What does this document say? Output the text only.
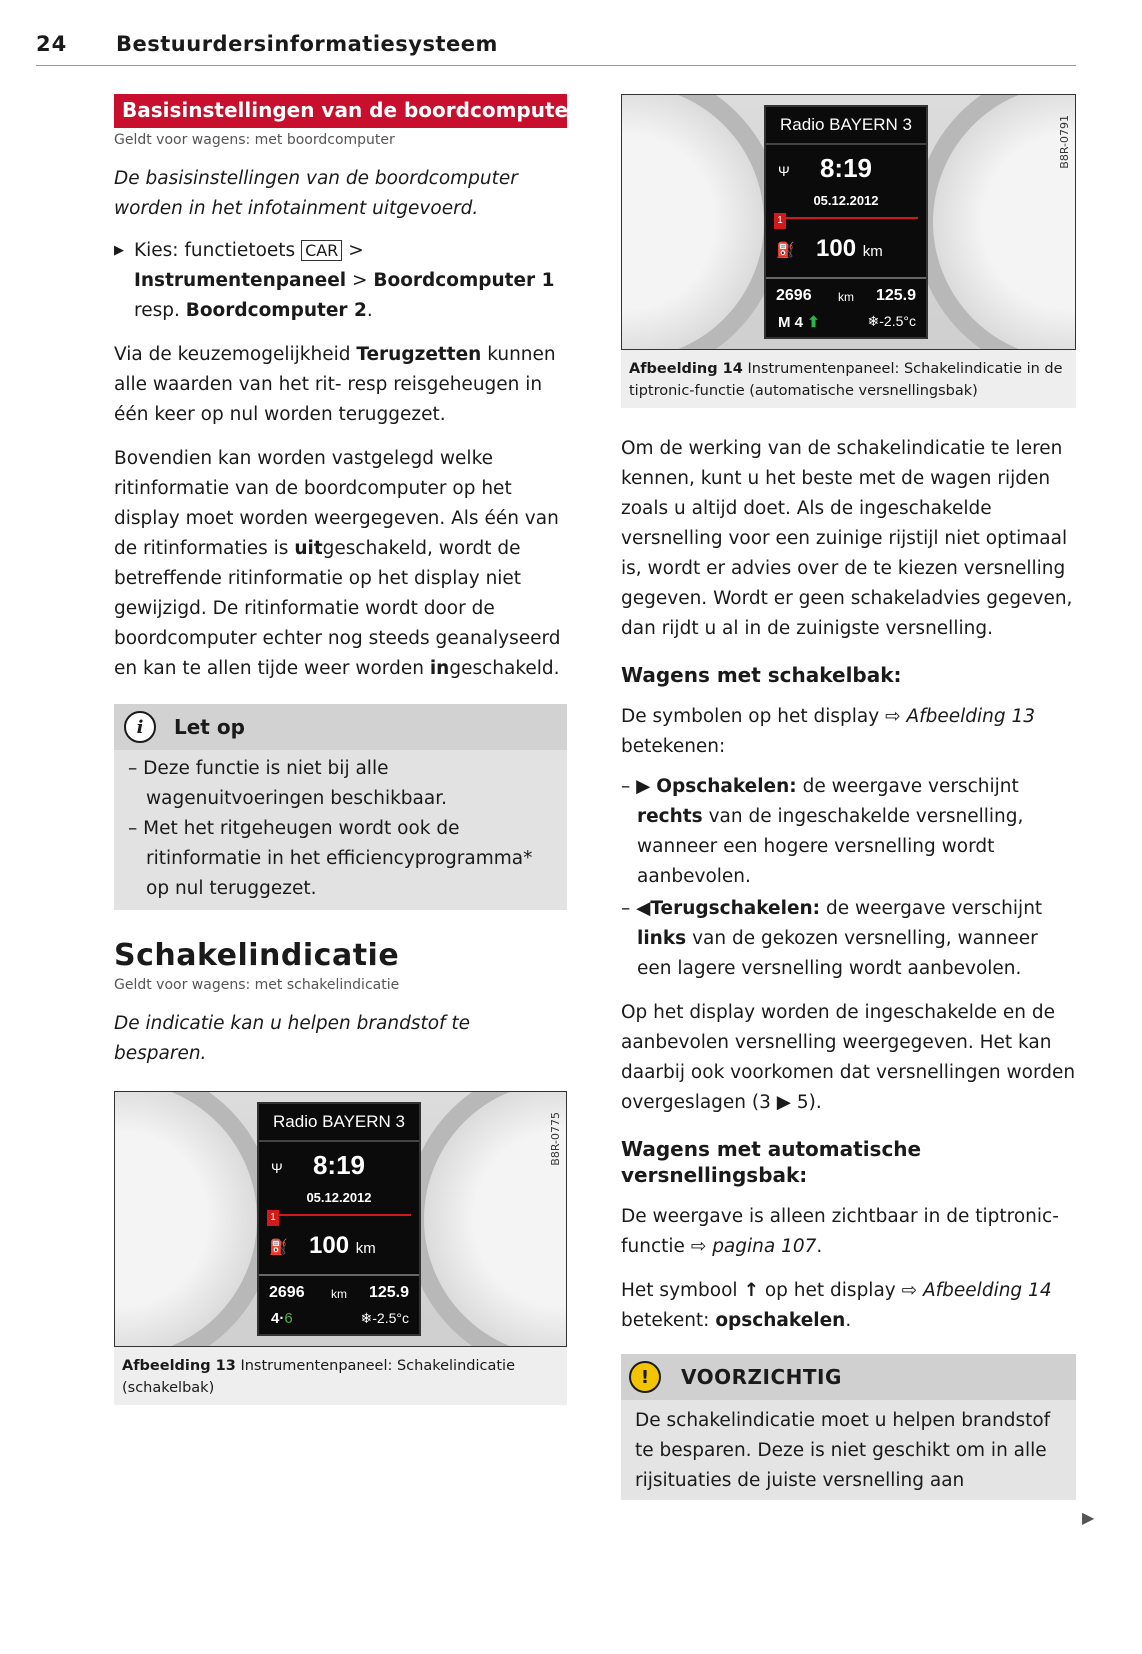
24 Bestuurdersinformatiesysteem
Basisinstellingen van de boordcomputer
Geldt voor wagens: met boordcomputer
De basisinstellingen van de boordcomputer worden in het infotainment uitgevoerd.
▶ Kies: functietoets CAR > Instrumentenpaneel > Boordcomputer 1 resp. Boordcomputer 2.

Via de keuzemogelijkheid Terugzetten kunnen alle waarden van het rit- resp reisgeheugen in één keer op nul worden teruggezet.

Bovendien kan worden vastgelegd welke ritinformatie van de boordcomputer op het display moet worden weergegeven. Als één van de ritinformaties is uitgeschakeld, wordt de betreffende ritinformatie op het display niet gewijzigd. De ritinformatie wordt door de boordcomputer echter nog steeds geanalyseerd en kan te allen tijde weer worden ingeschakeld.

i	Let op
– Deze functie is niet bij alle wagenuitvoeringen beschikbaar.
– Met het ritgeheugen wordt ook de ritinformatie in het efficiencyprogramma* op nul teruggezet.
Schakelindicatie
Geldt voor wagens: met schakelindicatie
De indicatie kan u helpen brandstof te besparen.
B8R-0775
Radio BAYERN 3
Ψ	8:19
05.12.2012
1
⛽ 100 km
2696 km 125.9
4·6	❄-2.5°c
Afbeelding 13 Instrumentenpaneel: Schakelindicatie (schakelbak)
B8R-0791
Radio BAYERN 3
Ψ	8:19
05.12.2012
1
⛽ 100 km
2696 km 125.9
M 4 ⬆	❄-2.5°c
Afbeelding 14 Instrumentenpaneel: Schakelindicatie in de tiptronic-functie (automatische versnellingsbak)

Om de werking van de schakelindicatie te leren kennen, kunt u het beste met de wagen rijden zoals u altijd doet. Als de ingeschakelde versnelling voor een zuinige rijstijl niet optimaal is, wordt er advies over de te kiezen versnelling gegeven. Wordt er geen schakeladvies gegeven, dan rijdt u al in de zuinigste versnelling.

Wagens met schakelbak:

De symbolen op het display ⇨ Afbeelding 13 betekenen:

– ▶ Opschakelen: de weergave verschijnt rechts van de ingeschakelde versnelling, wanneer een hogere versnelling wordt aanbevolen.
– ◀Terugschakelen: de weergave verschijnt links van de gekozen versnelling, wanneer een lagere versnelling wordt aanbevolen.

Op het display worden de ingeschakelde en de aanbevolen versnelling weergegeven. Het kan daarbij ook voorkomen dat versnellingen worden overgeslagen (3 ▶ 5).

Wagens met automatische versnellingsbak:

De weergave is alleen zichtbaar in de tiptronic-functie ⇨ pagina 107.

Het symbool ↑ op het display ⇨ Afbeelding 14 betekent: opschakelen.

!	VOORZICHTIG
De schakelindicatie moet u helpen brandstof te besparen. Deze is niet geschikt om in alle rijsituaties de juiste versnelling aan
▶
